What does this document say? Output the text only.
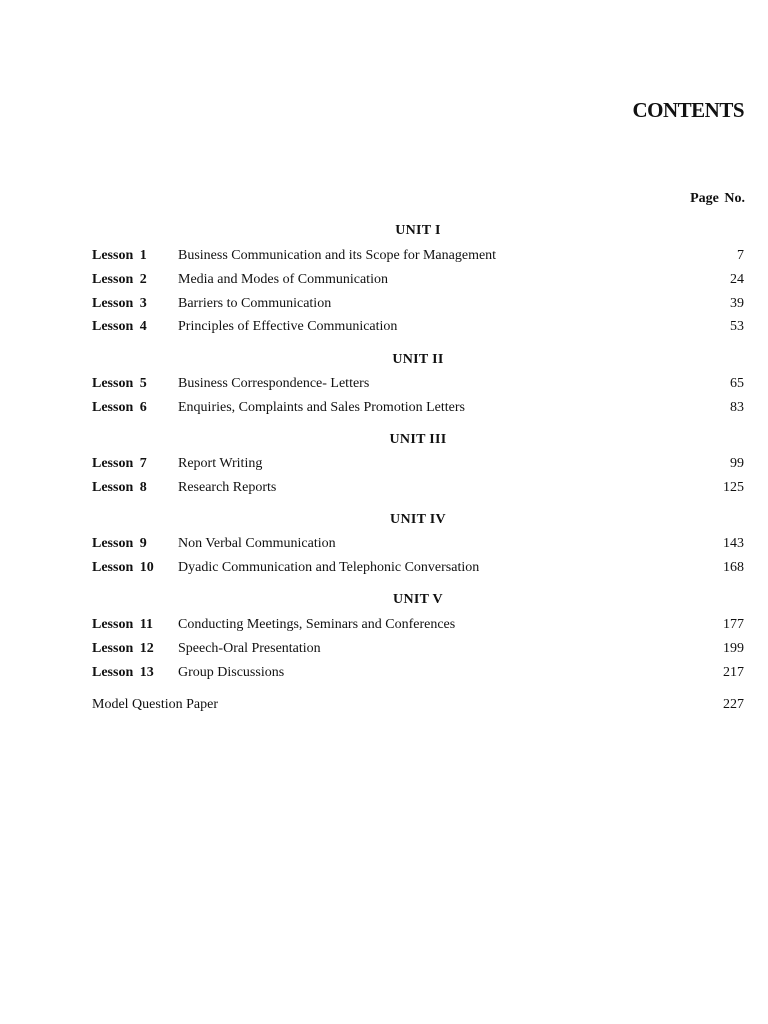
CONTENTS
Page No.
UNIT I
Lesson 1 Business Communication and its Scope for Management	7
Lesson 2 Media and Modes of Communication	24
Lesson 3 Barriers to Communication	39
Lesson 4 Principles of Effective Communication	53
UNIT II
Lesson 5 Business Correspondence- Letters	65
Lesson 6 Enquiries, Complaints and Sales Promotion Letters	83
UNIT III
Lesson 7 Report Writing	99
Lesson 8 Research Reports	125
UNIT IV
Lesson 9 Non Verbal Communication	143
Lesson 10 Dyadic Communication and Telephonic Conversation	168
UNIT V
Lesson 11 Conducting Meetings, Seminars and Conferences	177
Lesson 12 Speech-Oral Presentation	199
Lesson 13 Group Discussions	217
Model Question Paper	227
